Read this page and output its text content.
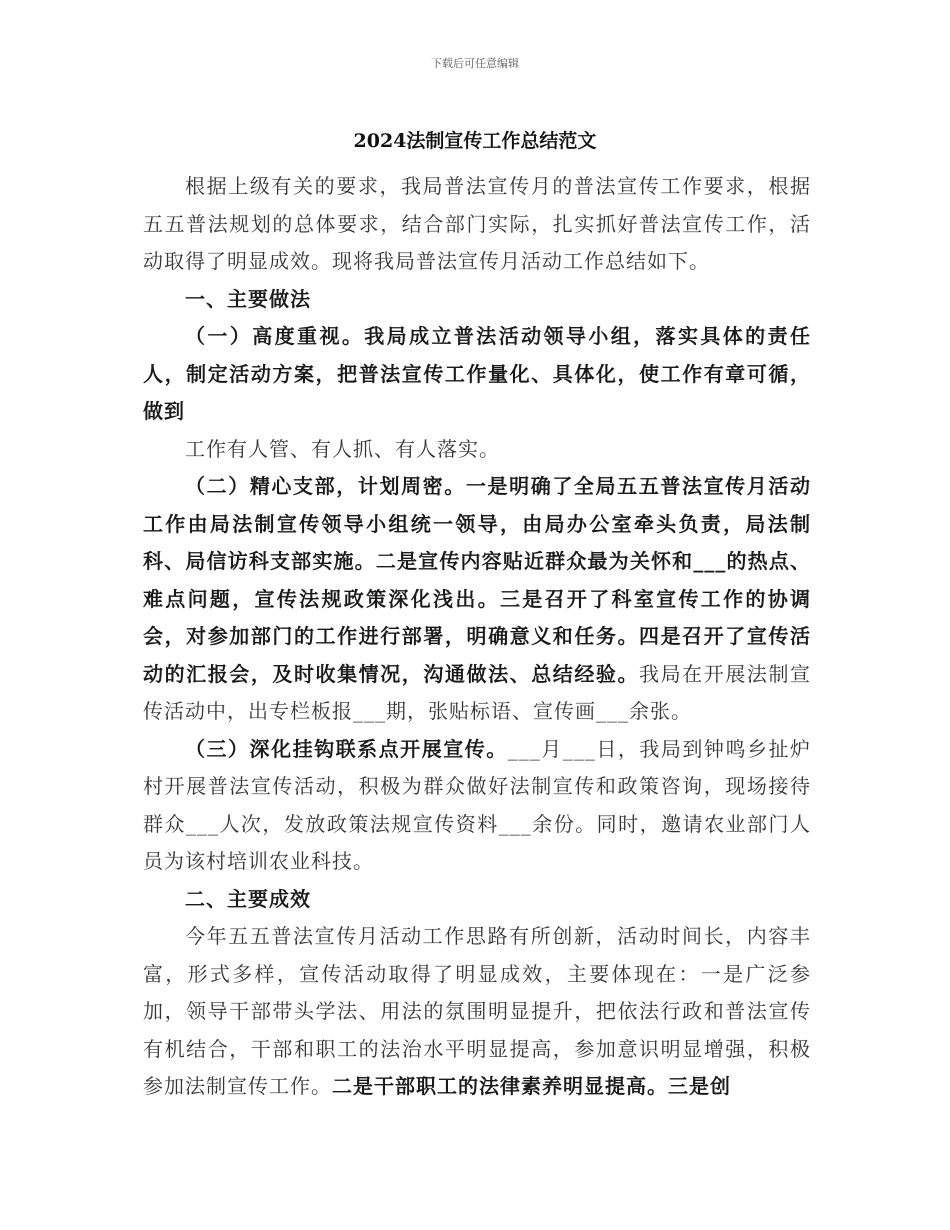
下载后可任意编辑
2024法制宣传工作总结范文

根据上级有关的要求，我局普法宣传月的普法宣传工作要求，根据五五普法规划的总体要求，结合部门实际，扎实抓好普法宣传工作，活动取得了明显成效。现将我局普法宣传月活动工作总结如下。

一、主要做法

（一）高度重视。我局成立普法活动领导小组，落实具体的责任人，制定活动方案，把普法宣传工作量化、具体化，使工作有章可循，做到

工作有人管、有人抓、有人落实。

（二）精心支部，计划周密。一是明确了全局五五普法宣传月活动工作由局法制宣传领导小组统一领导，由局办公室牵头负责，局法制科、局信访科支部实施。二是宣传内容贴近群众最为关怀和___的热点、难点问题，宣传法规政策深化浅出。三是召开了科室宣传工作的协调会，对参加部门的工作进行部署，明确意义和任务。四是召开了宣传活动的汇报会，及时收集情况，沟通做法、总结经验。我局在开展法制宣传活动中，出专栏板报___期，张贴标语、宣传画___余张。

（三）深化挂钩联系点开展宣传。___月___日，我局到钟鸣乡扯炉村开展普法宣传活动，积极为群众做好法制宣传和政策咨询，现场接待群众___人次，发放政策法规宣传资料___余份。同时，邀请农业部门人员为该村培训农业科技。

二、主要成效

今年五五普法宣传月活动工作思路有所创新，活动时间长，内容丰富，形式多样，宣传活动取得了明显成效，主要体现在：一是广泛参加，领导干部带头学法、用法的氛围明显提升，把依法行政和普法宣传有机结合，干部和职工的法治水平明显提高，参加意识明显增强，积极参加法制宣传工作。二是干部职工的法律素养明显提高。三是创
